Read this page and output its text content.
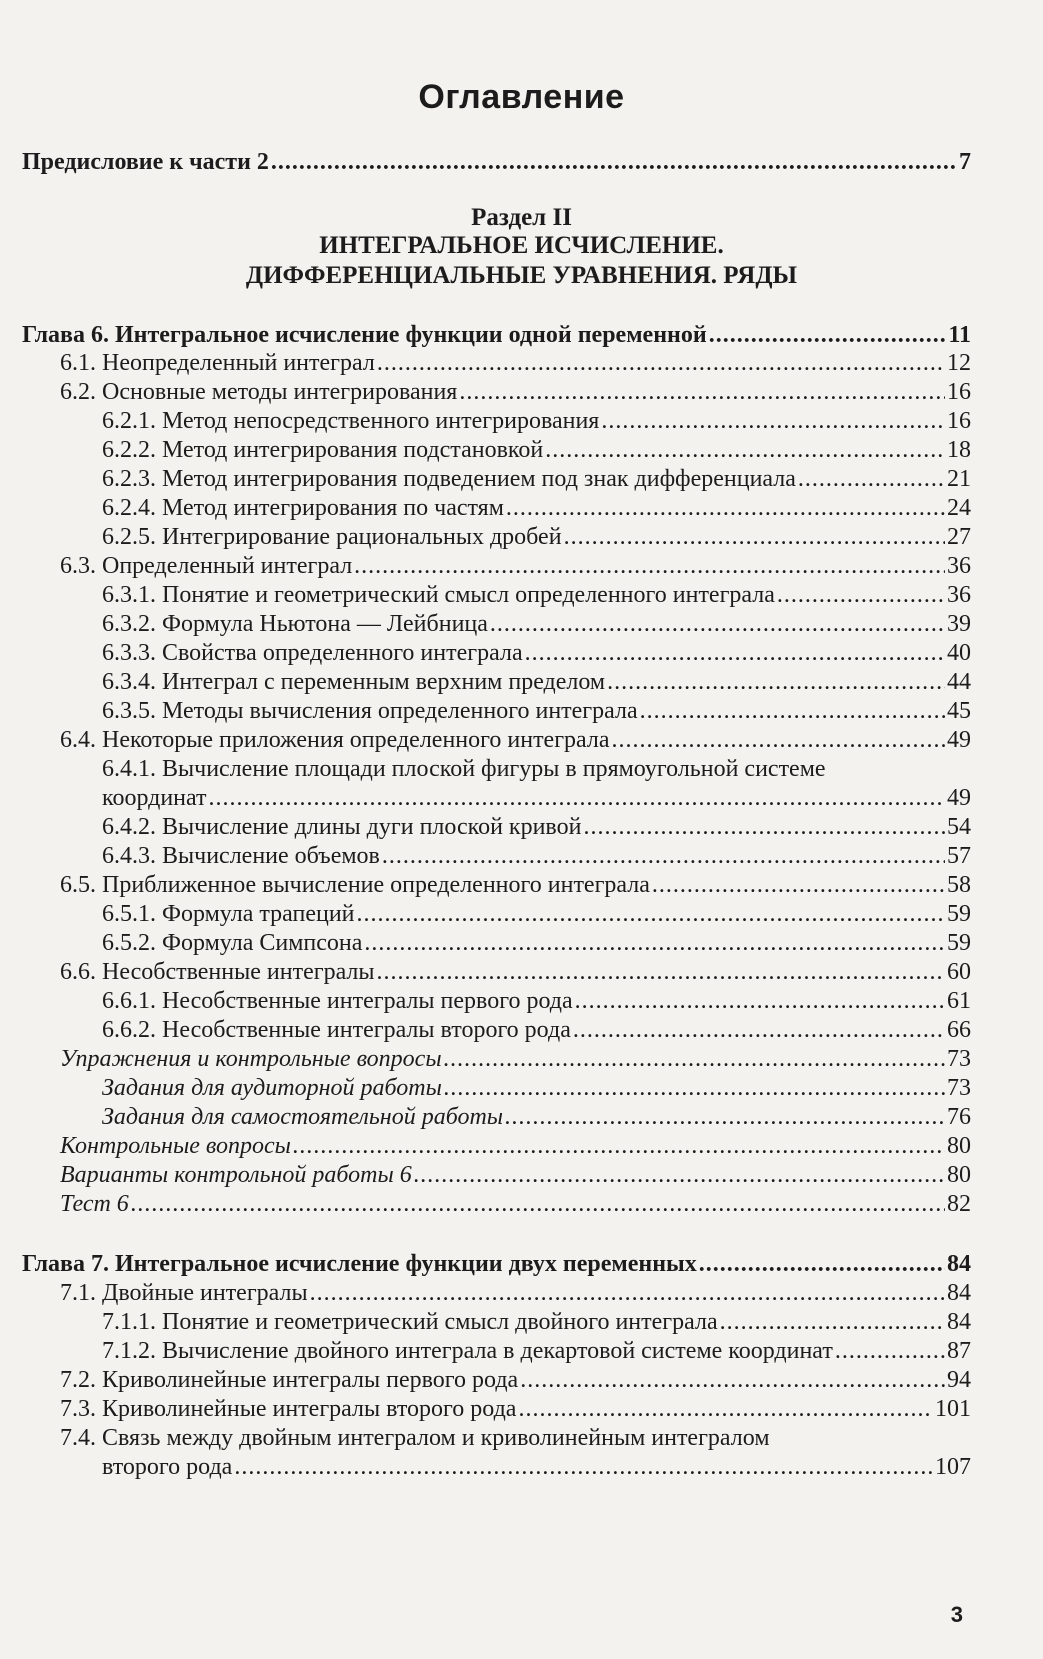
Оглавление
Предисловие к части 2 .....	7
Раздел II
ИНТЕГРАЛЬНОЕ ИСЧИСЛЕНИЕ.
ДИФФЕРЕНЦИАЛЬНЫЕ УРАВНЕНИЯ. РЯДЫ
Глава 6. Интегральное исчисление функции одной переменной .....	11
6.1. Неопределенный интеграл .....	12
6.2. Основные методы интегрирования .....	16
6.2.1. Метод непосредственного интегрирования .....	16
6.2.2. Метод интегрирования подстановкой .....	18
6.2.3. Метод интегрирования подведением под знак дифференциала .....	21
6.2.4. Метод интегрирования по частям .....	24
6.2.5. Интегрирование рациональных дробей .....	27
6.3. Определенный интеграл .....	36
6.3.1. Понятие и геометрический смысл определенного интеграла .....	36
6.3.2. Формула Ньютона — Лейбница .....	39
6.3.3. Свойства определенного интеграла .....	40
6.3.4. Интеграл с переменным верхним пределом .....	44
6.3.5. Методы вычисления определенного интеграла .....	45
6.4. Некоторые приложения определенного интеграла .....	49
6.4.1. Вычисление площади плоской фигуры в прямоугольной системе
координат .....	49
6.4.2. Вычисление длины дуги плоской кривой .....	54
6.4.3. Вычисление объемов .....	57
6.5. Приближенное вычисление определенного интеграла .....	58
6.5.1. Формула трапеций .....	59
6.5.2. Формула Симпсона .....	59
6.6. Несобственные интегралы .....	60
6.6.1. Несобственные интегралы первого рода .....	61
6.6.2. Несобственные интегралы второго рода .....	66
Упражнения и контрольные вопросы .....	73
Задания для аудиторной работы .....	73
Задания для самостоятельной работы .....	76
Контрольные вопросы .....	80
Варианты контрольной работы 6 .....	80
Тест 6 .....	82
Глава 7. Интегральное исчисление функции двух переменных .....	84
7.1. Двойные интегралы .....	84
7.1.1. Понятие и геометрический смысл двойного интеграла .....	84
7.1.2. Вычисление двойного интеграла в декартовой системе координат .....	87
7.2. Криволинейные интегралы первого рода .....	94
7.3. Криволинейные интегралы второго рода .....	101
7.4. Связь между двойным интегралом и криволинейным интегралом
второго рода .....	107
3
